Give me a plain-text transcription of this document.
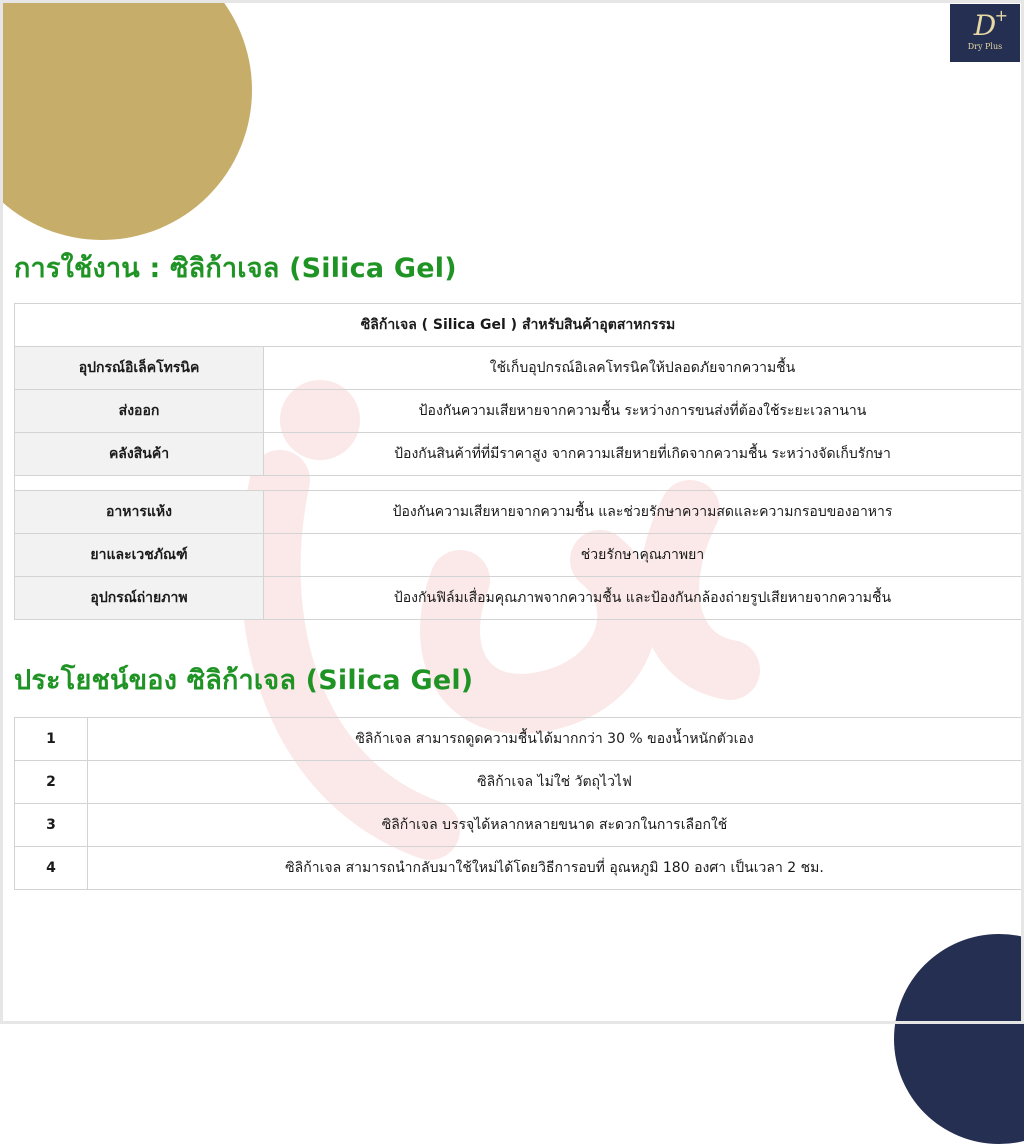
D
+
Dry Plus
การใช้งาน : ซิลิก้าเจล (Silica Gel)
ซิลิก้าเจล ( Silica Gel ) สำหรับสินค้าอุตสาหกรรม	
อุปกรณ์อิเล็คโทรนิค	ใช้เก็บอุปกรณ์อิเลคโทรนิคให้ปลอดภัยจากความชื้น
ส่งออก	ป้องกันความเสียหายจากความชื้น ระหว่างการขนส่งที่ต้องใช้ระยะเวลานาน
คลังสินค้า	ป้องกันสินค้าที่ที่มีราคาสูง จากความเสียหายที่เกิดจากความชื้น ระหว่างจัดเก็บรักษา

อาหารแห้ง	ป้องกันความเสียหายจากความชื้น และช่วยรักษาความสดและความกรอบของอาหาร
ยาและเวชภัณฑ์	ช่วยรักษาคุณภาพยา
อุปกรณ์ถ่ายภาพ	ป้องกันฟิล์มเสื่อมคุณภาพจากความชื้น และป้องกันกล้องถ่ายรูปเสียหายจากความชื้น
ประโยชน์ของ ซิลิก้าเจล (Silica Gel)
1	ซิลิก้าเจล สามารถดูดความชื้นได้มากกว่า 30 % ของน้ำหนักตัวเอง
2	ซิลิก้าเจล ไม่ใช่ วัตถุไวไฟ
3	ซิลิก้าเจล บรรจุได้หลากหลายขนาด สะดวกในการเลือกใช้
4	ซิลิก้าเจล สามารถนำกลับมาใช้ใหม่ได้โดยวิธีการอบที่ อุณหภูมิ 180 องศา เป็นเวลา 2 ชม.
